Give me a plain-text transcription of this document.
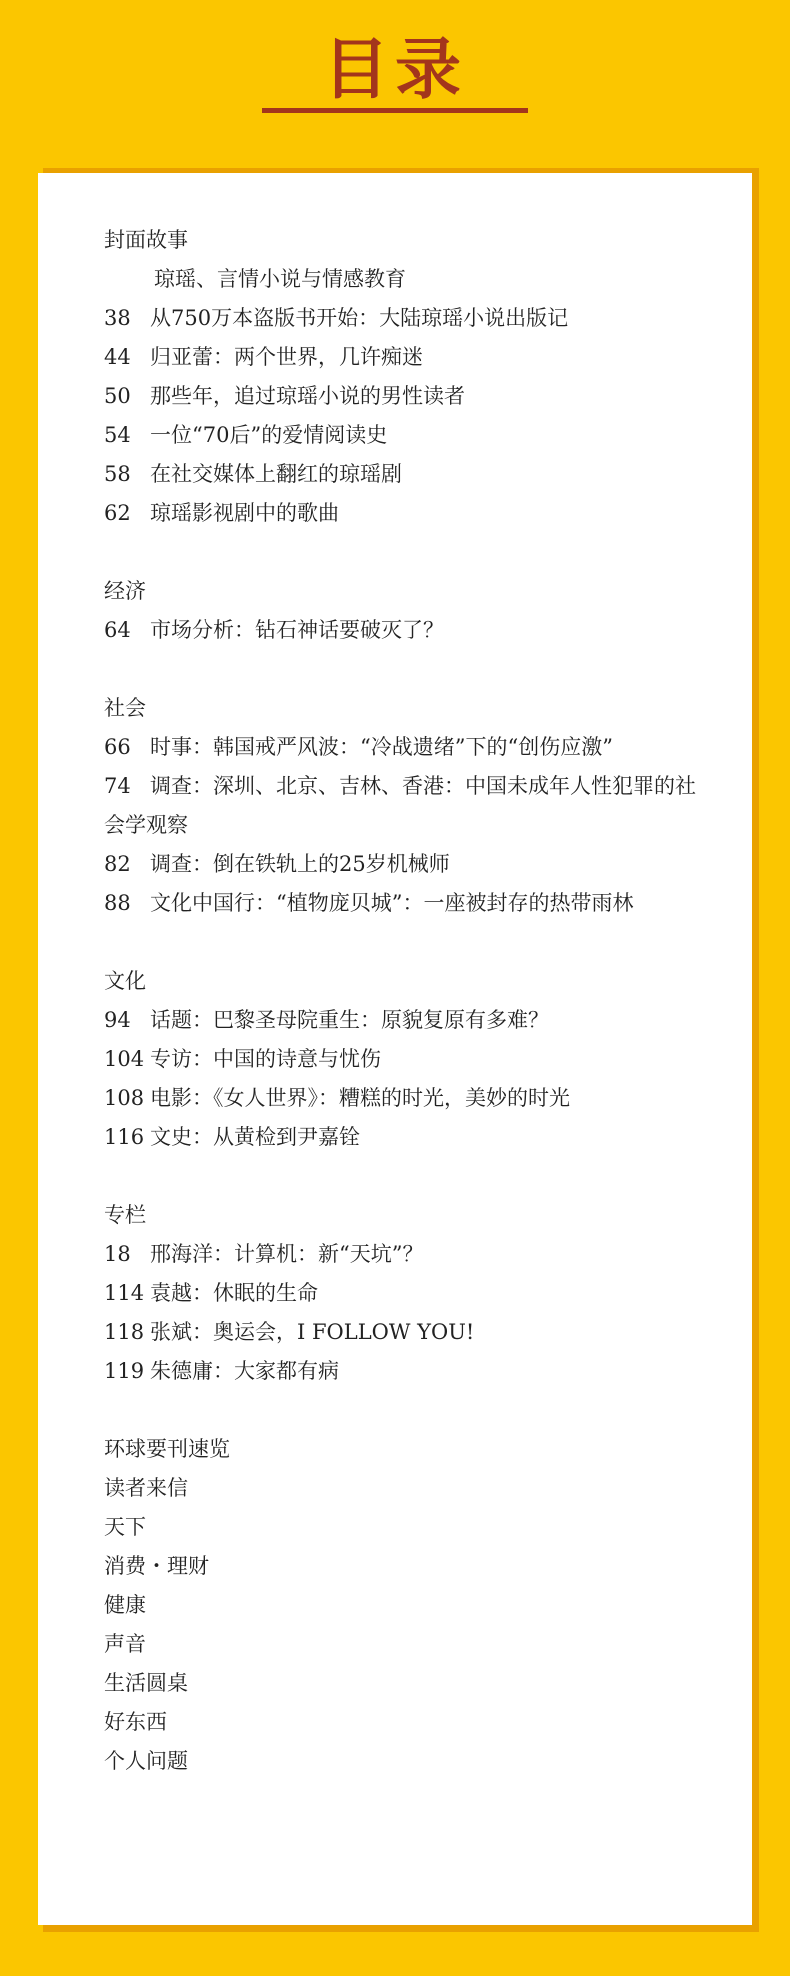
目录
封面故事
琼瑶、言情小说与情感教育
38 从750万本盗版书开始：大陆琼瑶小说出版记
44 归亚蕾：两个世界，几许痴迷
50 那些年，追过琼瑶小说的男性读者
54 一位“70后”的爱情阅读史
58 在社交媒体上翻红的琼瑶剧
62 琼瑶影视剧中的歌曲
经济
64 市场分析：钻石神话要破灭了？
社会
66 时事：韩国戒严风波：“冷战遗绪”下的“创伤应激”
74 调查：深圳、北京、吉林、香港：中国未成年人性犯罪的社会学观察
82 调查：倒在铁轨上的25岁机械师
88 文化中国行：“植物庞贝城”：一座被封存的热带雨林
文化
94 话题：巴黎圣母院重生：原貌复原有多难？
104 专访：中国的诗意与忧伤
108 电影：《女人世界》：糟糕的时光，美妙的时光
116 文史：从黄检到尹嘉铨
专栏
18 邢海洋：计算机：新“天坑”？
114 袁越：休眠的生命
118 张斌：奥运会，I FOLLOW YOU!
119 朱德庸：大家都有病
环球要刊速览
读者来信
天下
消费・理财
健康
声音
生活圆桌
好东西
个人问题
